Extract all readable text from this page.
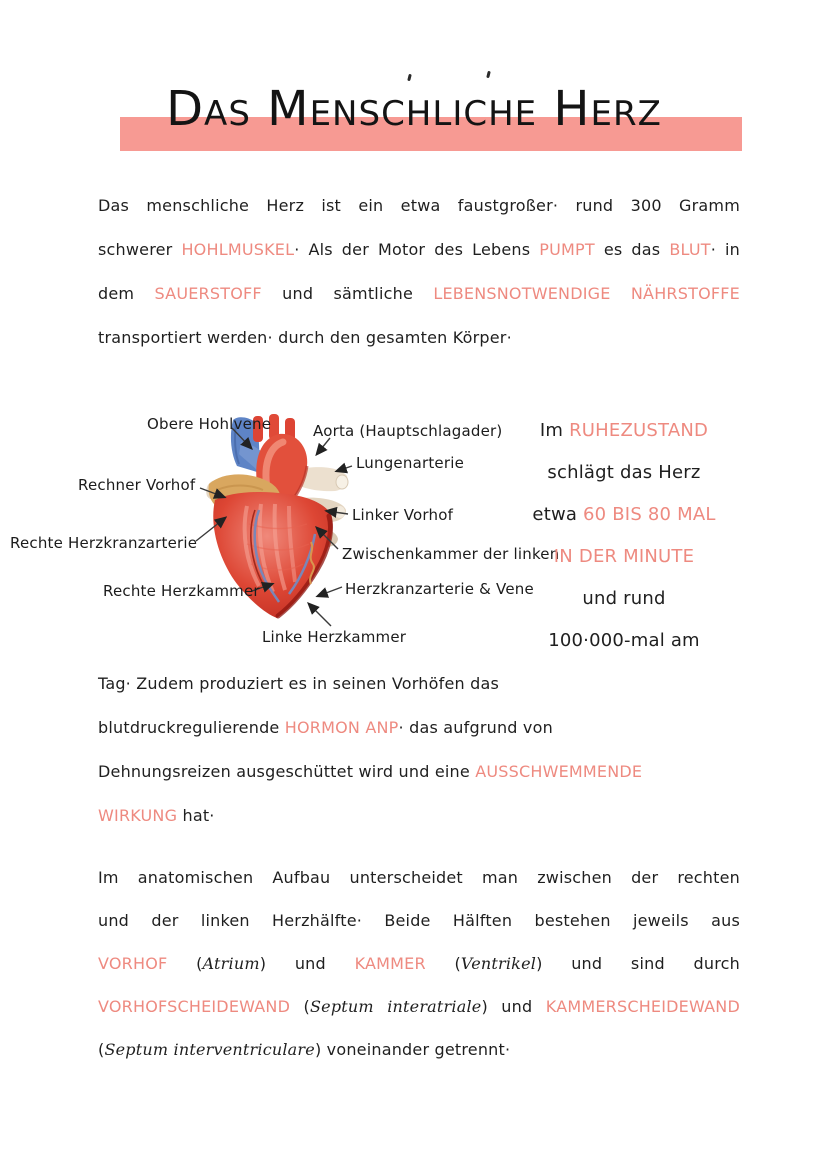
Das Menschliche Herz
Das menschliche Herz ist ein etwa faustgroßer· rund 300 Gramm
schwerer HOHLMUSKEL· Als der Motor des Lebens PUMPT es das BLUT· in
dem SAUERSTOFF und sämtliche LEBENSNOTWENDIGE NÄHRSTOFFE
transportiert werden· durch den gesamten Körper·
Obere Hohlvene	Aorta (Hauptschlagader)
Lungenarterie
Rechner Vorhof
Linker Vorhof
Rechte Herzkranzarterie
Zwischenkammer der linken
Rechte Herzkammer	Herzkranzarterie & Vene
Linke Herzkammer
Im RUHEZUSTAND
schlägt das Herz
etwa 60 BIS 80 MAL
IN DER MINUTE
und rund
100·000-mal am
Tag· Zudem produziert es in seinen Vorhöfen das
blutdruckregulierende HORMON ANP· das aufgrund von
Dehnungsreizen ausgeschüttet wird und eine AUSSCHWEMMENDE
WIRKUNG hat·
Im anatomischen Aufbau unterscheidet man zwischen der rechten
und der linken Herzhälfte· Beide Hälften bestehen jeweils aus
VORHOF (Atrium) und KAMMER (Ventrikel) und sind durch
VORHOFSCHEIDEWAND (Septum interatriale) und KAMMERSCHEIDEWAND
(Septum interventriculare) voneinander getrennt·
